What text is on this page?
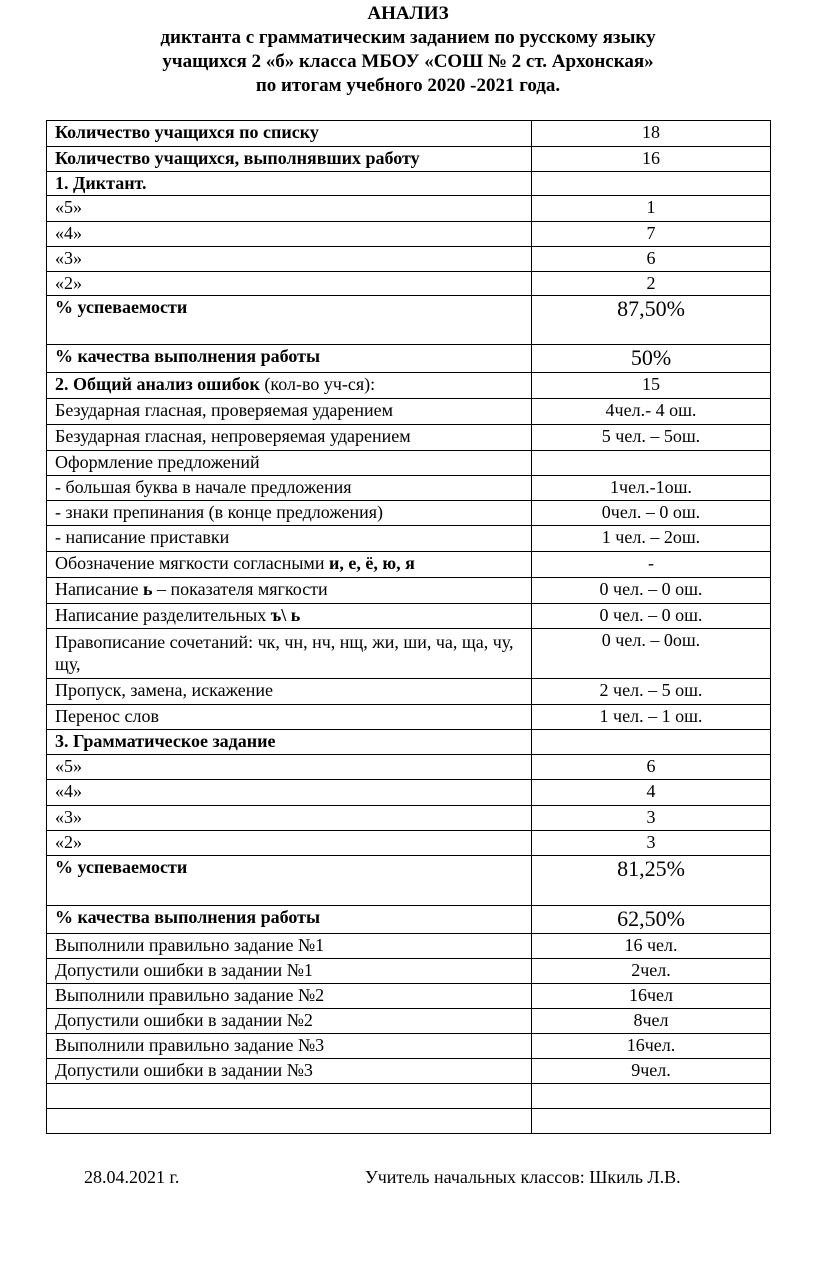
АНАЛИЗ

диктанта с грамматическим заданием по русскому языку

учащихся 2 «б» класса МБОУ «СОШ № 2 ст. Архонская»

по итогам учебного 2020 -2021 года.

Количество учащихся по списку	18
Количество учащихся, выполнявших работу	16
1. Диктант.	
«5»	1
«4»	7
«3»	6
«2»	2
% успеваемости	87,50%
% качества выполнения работы	50%
2. Общий анализ ошибок (кол-во уч-ся):	15
Безударная гласная, проверяемая ударением	4чел.- 4 ош.
Безударная гласная, непроверяемая ударением	5 чел. – 5ош.
Оформление предложений	
- большая буква в начале предложения	1чел.-1ош.
- знаки препинания (в конце предложения)	0чел. – 0 ош.
- написание приставки	1 чел. – 2ош.
Обозначение мягкости согласными и, е, ё, ю, я	-
Написание ь – показателя мягкости	0 чел. – 0 ош.
Написание разделительных ъ\ ь	0 чел. – 0 ош.
Правописание сочетаний: чк, чн, нч, нщ, жи, ши, ча, ща, чу, щу,	0 чел. – 0ош.
Пропуск, замена, искажение	2 чел. – 5 ош.
Перенос слов	1 чел. – 1 ош.
3. Грамматическое задание	
«5»	6
«4»	4
«3»	3
«2»	3
% успеваемости	81,25%
% качества выполнения работы	62,50%
Выполнили правильно задание №1	16 чел.
Допустили ошибки в задании №1	2чел.
Выполнили правильно задание №2	16чел
Допустили ошибки в задании №2	8чел
Выполнили правильно задание №3	16чел.
Допустили ошибки в задании №3	9чел.

28.04.2021 г.	Учитель начальных классов: Шкиль Л.В.
